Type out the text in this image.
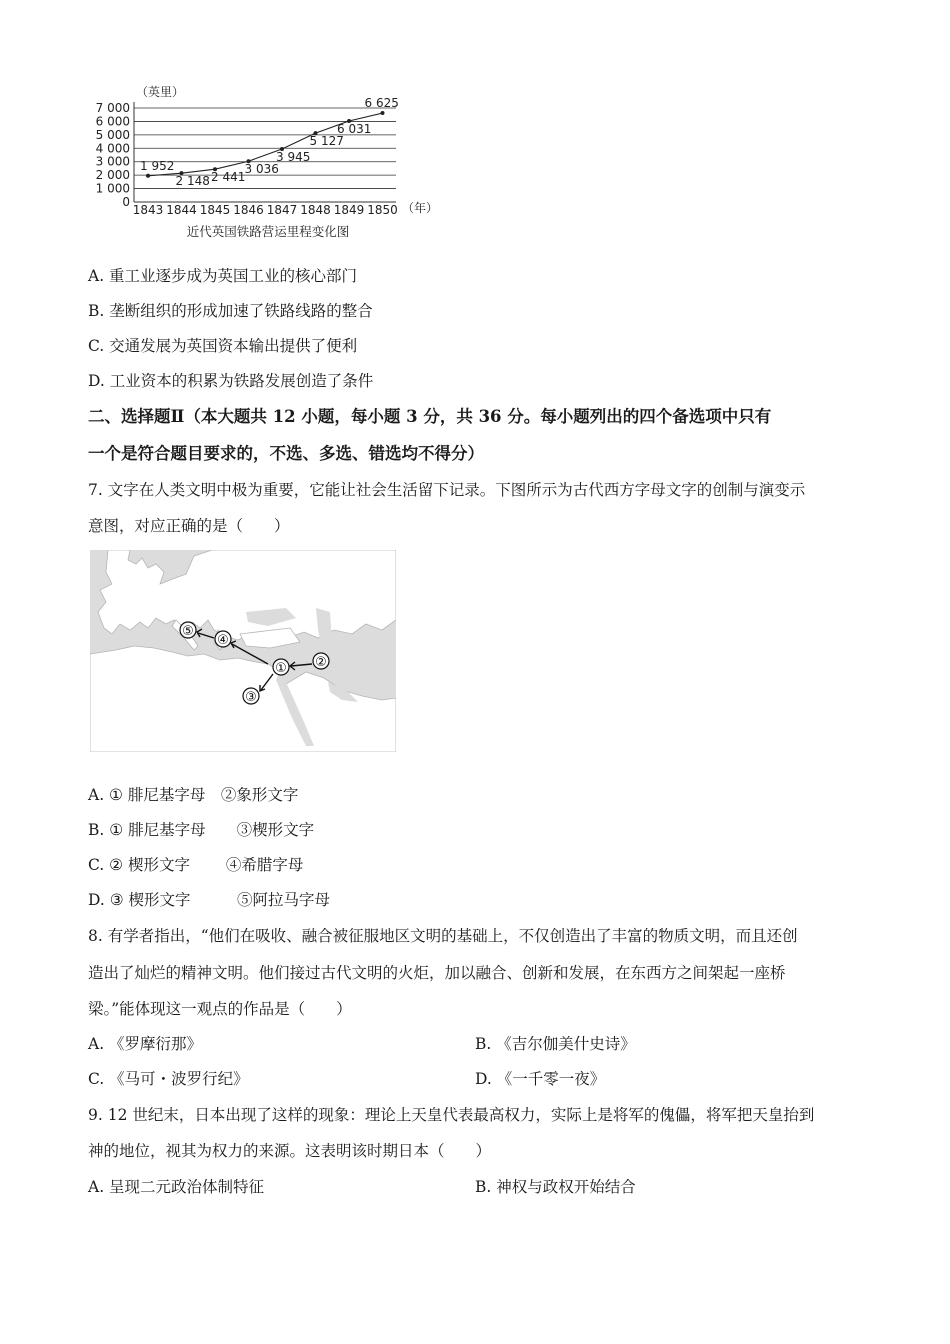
（英里）
0
1 000
2 000
3 000
4 000
5 000
6 000
7 000
1843 1844 1845 1846 1847 1848 1849 1850
1 952
2 148 2 441
3 036
3 945
5 127
6 031
6 625
（年）
近代英国铁路营运里程变化图
A. 重工业逐步成为英国工业的核心部门
B. 垄断组织的形成加速了铁路线路的整合
C. 交通发展为英国资本输出提供了便利
D. 工业资本的积累为铁路发展创造了条件
二、选择题Ⅱ（本大题共 12 小题，每小题 3 分，共 36 分。每小题列出的四个备选项中只有
一个是符合题目要求的，不选、多选、错选均不得分）
7. 文字在人类文明中极为重要，它能让社会生活留下记录。下图所示为古代西方字母文字的创制与演变示
意图，对应正确的是（　　）
① ②
③
④
⑤
A. ① 腓尼基字母　②象形文字
B. ① 腓尼基字母　　③楔形文字
C. ② 楔形文字　　 ④希腊字母
D. ③ 楔形文字　　　⑤阿拉马字母
8. 有学者指出，“他们在吸收、融合被征服地区文明的基础上，不仅创造出了丰富的物质文明，而且还创
造出了灿烂的精神文明。他们接过古代文明的火炬，加以融合、创新和发展，在东西方之间架起一座桥
梁。”能体现这一观点的作品是（　　）
A. 《罗摩衍那》	B. 《吉尔伽美什史诗》
C. 《马可・波罗行纪》	D. 《一千零一夜》
9. 12 世纪末，日本出现了这样的现象：理论上天皇代表最高权力，实际上是将军的傀儡，将军把天皇抬到
神的地位，视其为权力的来源。这表明该时期日本（　　）
A. 呈现二元政治体制特征	B. 神权与政权开始结合
